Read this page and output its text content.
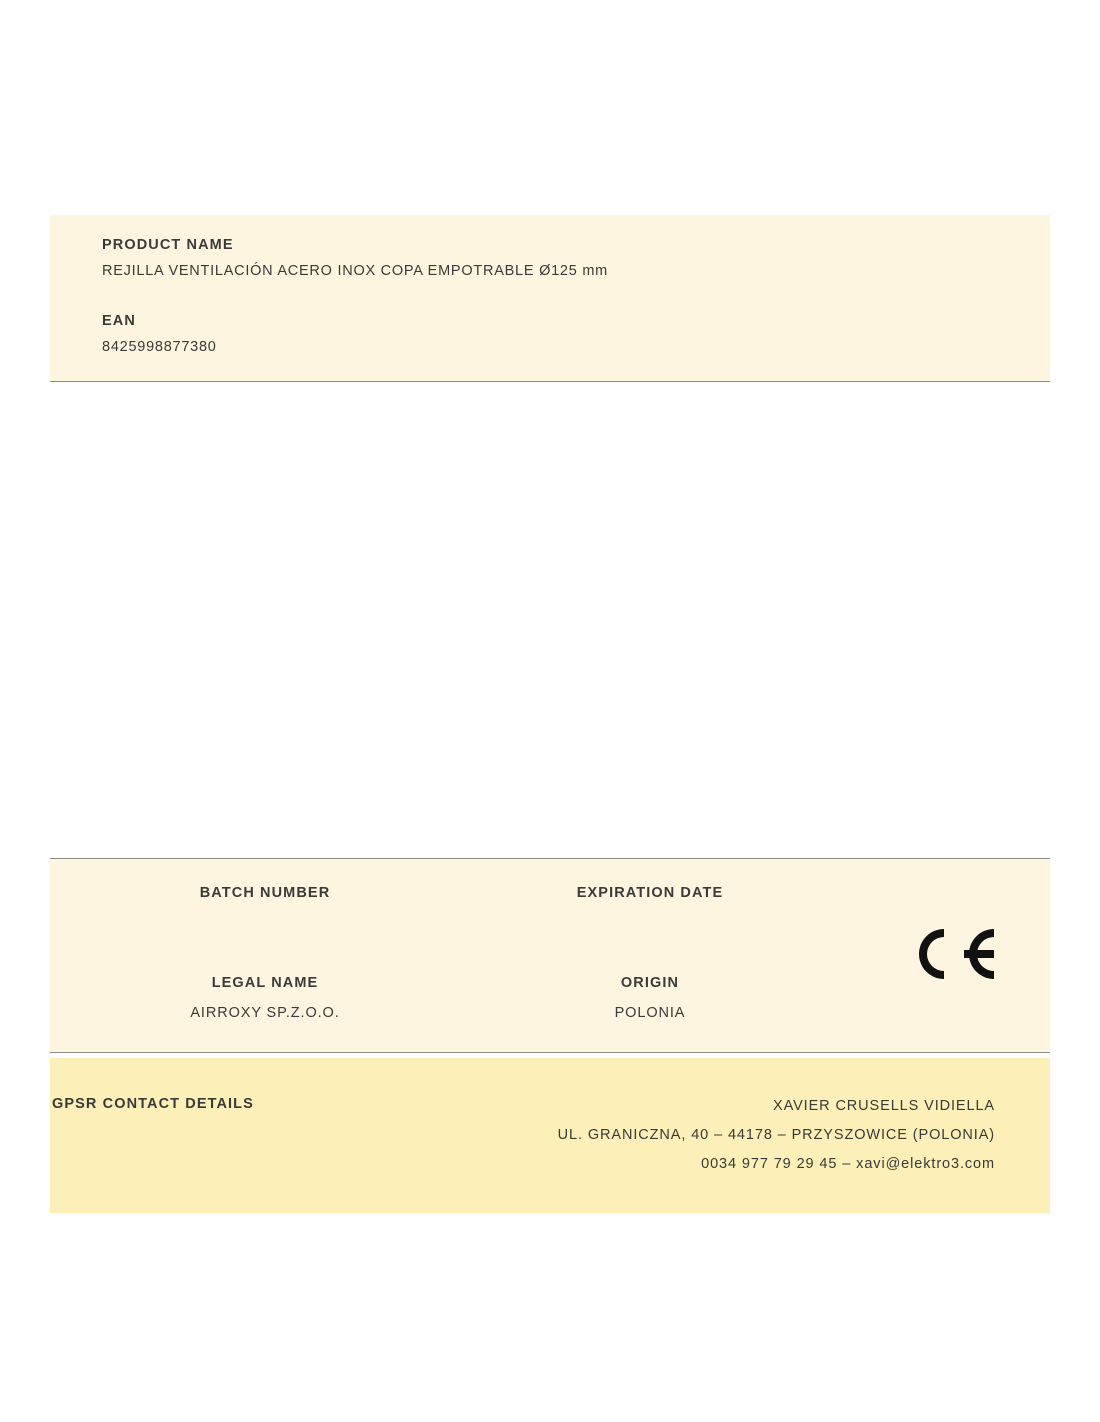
PRODUCT NAME

REJILLA VENTILACIÓN ACERO INOX COPA EMPOTRABLE Ø125 mm

EAN

8425998877380

BATCH NUMBER	EXPIRATION DATE

LEGAL NAME

AIRROXY SP.Z.O.O.

ORIGIN

POLONIA

XAVIER CRUSELLS VIDIELLA
UL. GRANICZNA, 40 – 44178 – PRZYSZOWICE (POLONIA)
0034 977 79 29 45 – xavi@elektro3.com
GPSR CONTACT DETAILS
